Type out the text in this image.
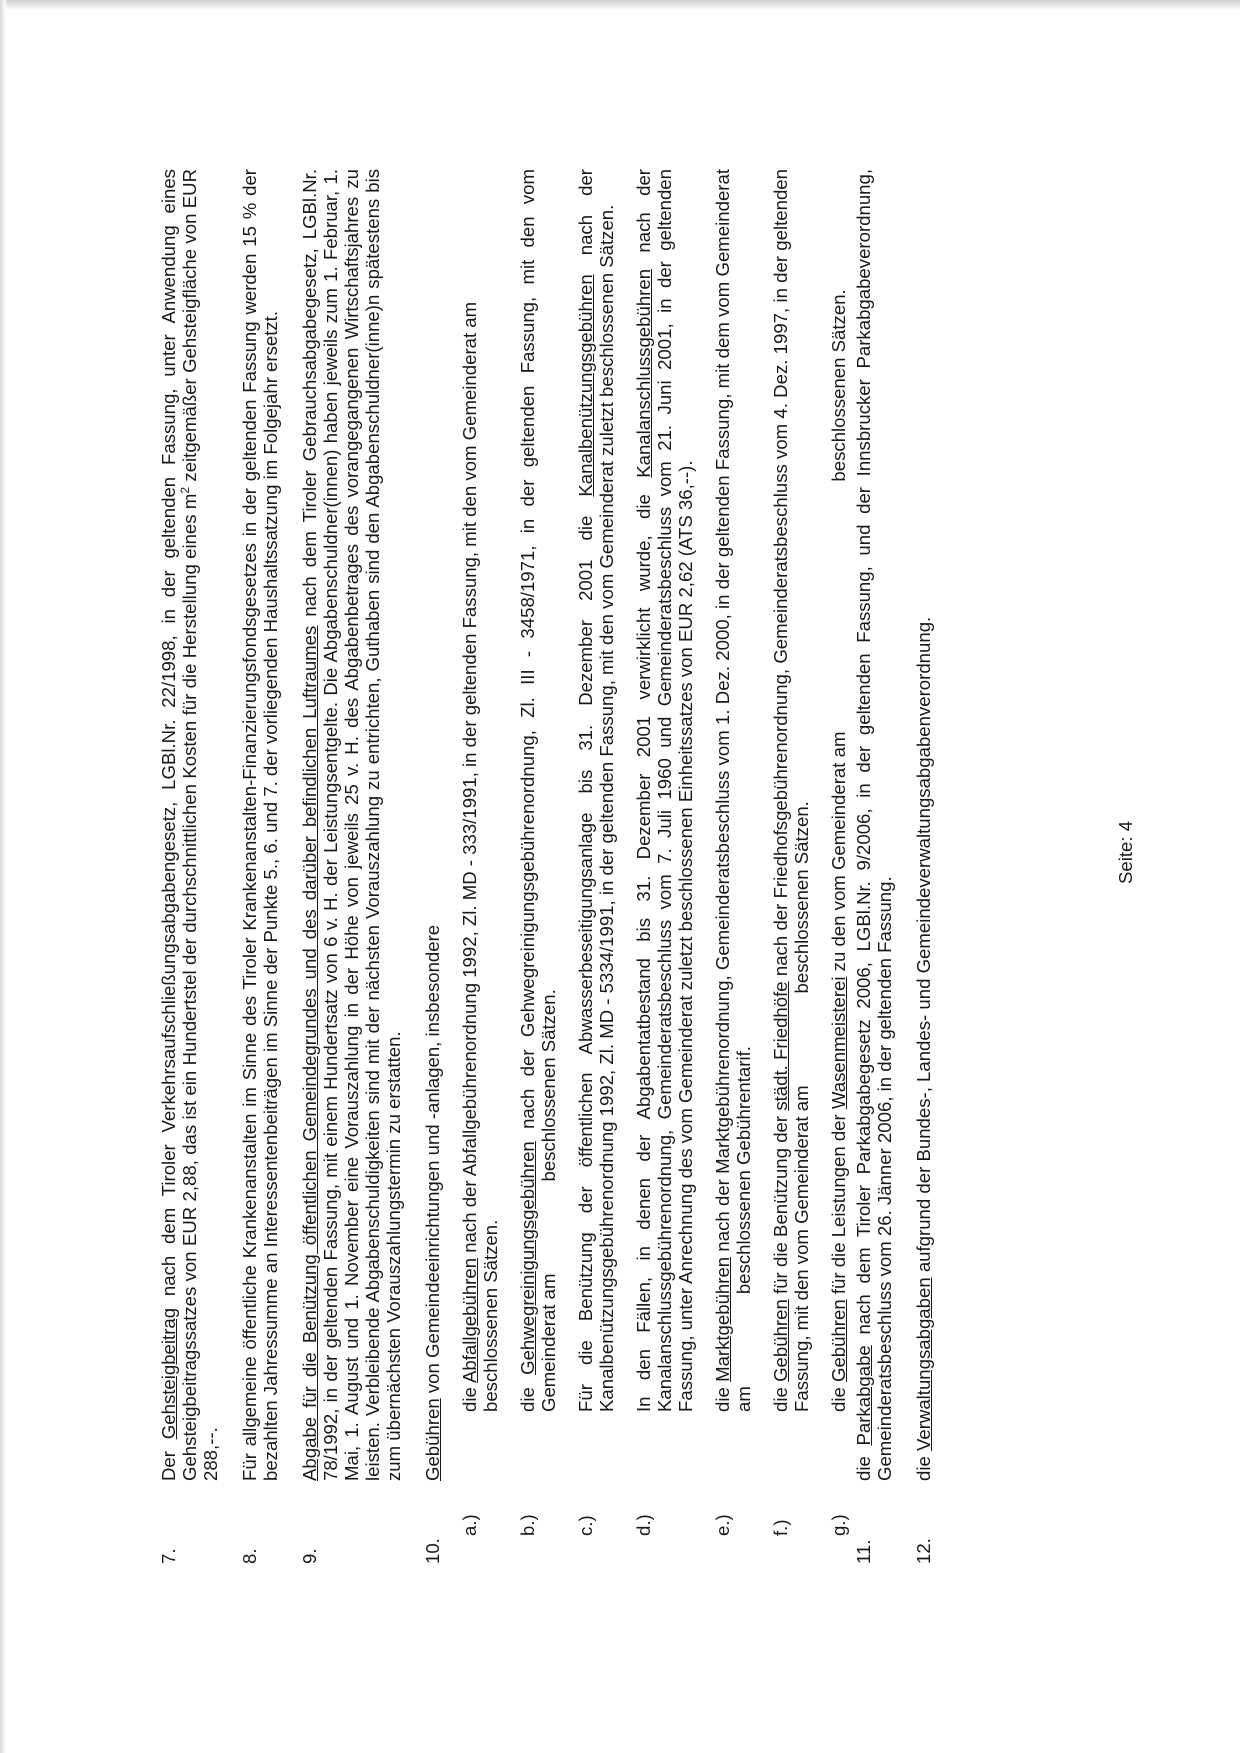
7.

Der Gehsteigbeitrag nach dem Tiroler Verkehrsaufschließungsabgabengesetz, LGBl.Nr. 22/1998, in der geltenden Fassung, unter Anwendung eines Gehsteigbeitragssatzes von EUR 2,88, das ist ein Hundertstel der durchschnittlichen Kosten für die Herstellung eines $m^2$ zeitgemäßer Gehsteigfläche von EUR 288,--.

8.

Für allgemeine öffentliche Krankenanstalten im Sinne des Tiroler Krankenanstalten-Finanzierungsfondsgesetzes in der geltenden Fassung werden 15 % der bezahlten Jahressumme an Interessentenbeiträgen im Sinne der Punkte 5., 6. und 7. der vorliegenden Haushaltssatzung im Folgejahr ersetzt.

9.

Abgabe für die Benützung öffentlichen Gemeindegrundes und des darüber befindlichen Luftraumes nach dem Tiroler Gebrauchsabgabegesetz, LGBl.Nr. 78/1992, in der geltenden Fassung, mit einem Hundertsatz von 6 v. H. der Leistungsentgelte. Die Abgabenschuldner(innen) haben jeweils zum 1. Februar, 1. Mai, 1. August und 1. November eine Vorauszahlung in der Höhe von jeweils 25 v. H. des Abgabenbetrages des vorangegangenen Wirtschaftsjahres zu leisten. Verbleibende Abgabenschuldigkeiten sind mit der nächsten Vorauszahlung zu entrichten, Guthaben sind den Abgabenschuldner(inne)n spätestens bis zum übernächsten Vorauszahlungstermin zu erstatten.

10.

Gebühren von Gemeindeeinrichtungen und -anlagen, insbesondere

a.)

die Abfallgebühren nach der Abfallgebührenordnung 1992, Zl. MD - 333/1991, in der geltenden Fassung, mit den vom Gemeinderat am
beschlossenen Sätzen.

b.)

die Gehwegreinigungsgebühren nach der Gehwegreinigungsgebührenordnung, Zl. III - 3458/1971, in der geltenden Fassung, mit den vom Gemeinderat ambeschlossenen Sätzen.

c.)

Für die Benützung der öffentlichen Abwasserbeseitigungsanlage bis 31. Dezember 2001 die Kanalbenützungsgebühren nach der Kanalbenützungsgebührenordnung 1992, Zl. MD - 5334/1991, in der geltenden Fassung, mit den vom Gemeinderat zuletzt beschlossenen Sätzen.

d.)

In den Fällen, in denen der Abgabentatbestand bis 31. Dezember 2001 verwirklicht wurde, die Kanalanschlussgebühren nach der Kanalanschlussgebührenordnung, Gemeinderatsbeschluss vom 7. Juli 1960 und Gemeinderatsbeschluss vom 21. Juni 2001, in der geltenden Fassung, unter Anrechnung des vom Gemeinderat zuletzt beschlossenen Einheitssatzes von EUR 2,62 (ATS 36,--).

e.)

die Marktgebühren nach der Marktgebührenordnung, Gemeinderatsbeschluss vom 1. Dez. 2000, in der geltenden Fassung, mit dem vom Gemeinderat ambeschlossenen Gebührentarif.

f.)

die Gebühren für die Benützung der städt. Friedhöfe nach der Friedhofsgebührenordnung, Gemeinderatsbeschluss vom 4. Dez. 1997, in der geltenden Fassung, mit den vom Gemeinderat ambeschlossenen Sätzen.

g.)

die Gebühren für die Leistungen der Wasenmeisterei zu den vom Gemeinderat ambeschlossenen Sätzen.

11.

die Parkabgabe nach dem Tiroler Parkabgabegesetz 2006, LGBl.Nr. 9/2006, in der geltenden Fassung, und der Innsbrucker Parkabgabeverordnung, Gemeinderatsbeschluss vom 26. Jänner 2006, in der geltenden Fassung.

12.

die Verwaltungsabgaben aufgrund der Bundes-, Landes- und Gemeindeverwaltungsabgabenverordnung.	Seite: 4
